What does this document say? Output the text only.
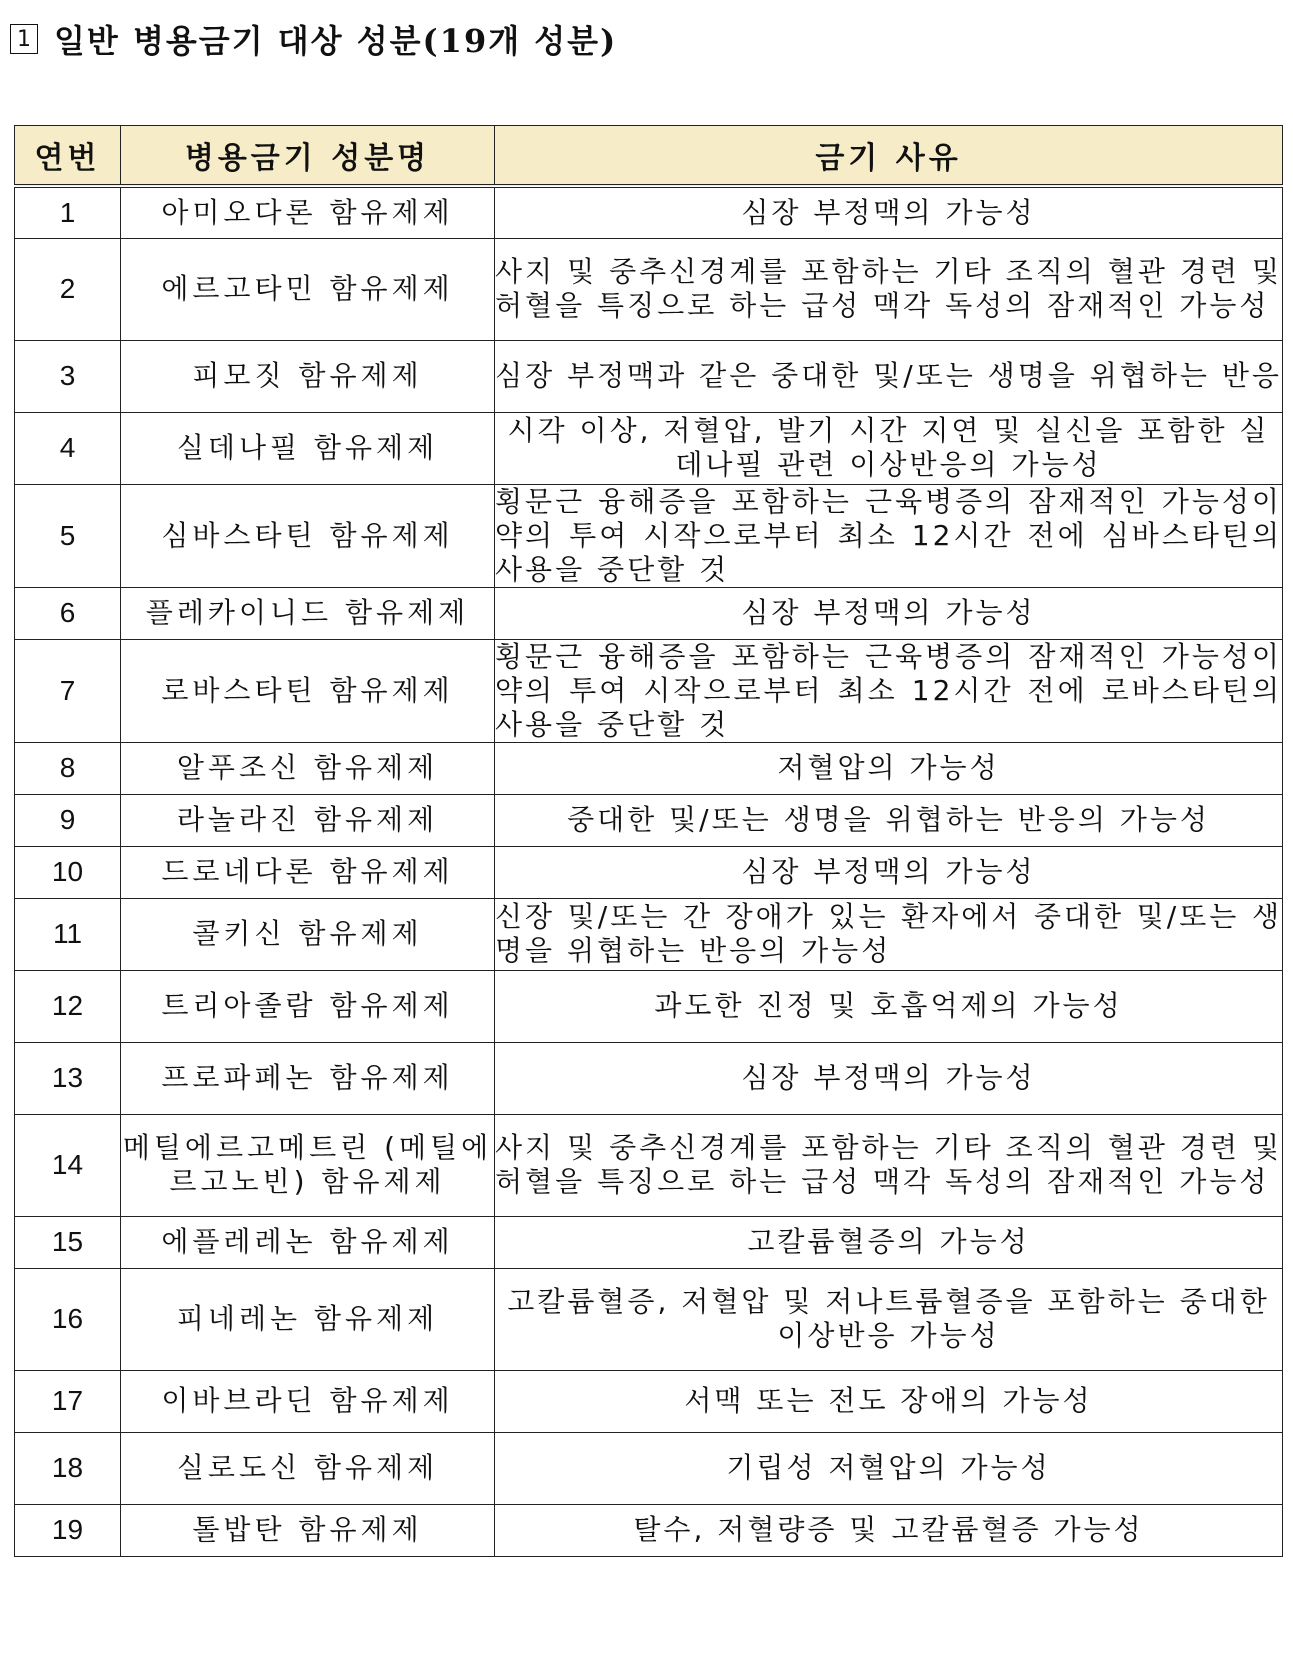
1 일반 병용금기 대상 성분(19개 성분)
연번	병용금기 성분명	금기 사유
1	아미오다론 함유제제	심장 부정맥의 가능성
2	에르고타민 함유제제	사지 및 중추신경계를 포함하는 기타 조직의 혈관 경련 및 허혈을 특징으로 하는 급성 맥각 독성의 잠재적인 가능성
3	피모짓 함유제제	심장 부정맥과 같은 중대한 및/또는 생명을 위협하는 반응
4	실데나필 함유제제	시각 이상, 저혈압, 발기 시간 지연 및 실신을 포함한 실데나필 관련 이상반응의 가능성
5	심바스타틴 함유제제	횡문근 융해증을 포함하는 근육병증의 잠재적인 가능성이 약의 투여 시작으로부터 최소 12시간 전에 심바스타틴의 사용을 중단할 것
6	플레카이니드 함유제제	심장 부정맥의 가능성
7	로바스타틴 함유제제	횡문근 융해증을 포함하는 근육병증의 잠재적인 가능성이 약의 투여 시작으로부터 최소 12시간 전에 로바스타틴의 사용을 중단할 것
8	알푸조신 함유제제	저혈압의 가능성
9	라놀라진 함유제제	중대한 및/또는 생명을 위협하는 반응의 가능성
10	드로네다론 함유제제	심장 부정맥의 가능성
11	콜키신 함유제제	신장 및/또는 간 장애가 있는 환자에서 중대한 및/또는 생명을 위협하는 반응의 가능성
12	트리아졸람 함유제제	과도한 진정 및 호흡억제의 가능성
13	프로파페논 함유제제	심장 부정맥의 가능성
14	메틸에르고메트린 (메틸에르고노빈) 함유제제	사지 및 중추신경계를 포함하는 기타 조직의 혈관 경련 및 허혈을 특징으로 하는 급성 맥각 독성의 잠재적인 가능성
15	에플레레논 함유제제	고칼륨혈증의 가능성
16	피네레논 함유제제	고칼륨혈증, 저혈압 및 저나트륨혈증을 포함하는 중대한 이상반응 가능성
17	이바브라딘 함유제제	서맥 또는 전도 장애의 가능성
18	실로도신 함유제제	기립성 저혈압의 가능성
19	톨밥탄 함유제제	탈수, 저혈량증 및 고칼륨혈증 가능성
